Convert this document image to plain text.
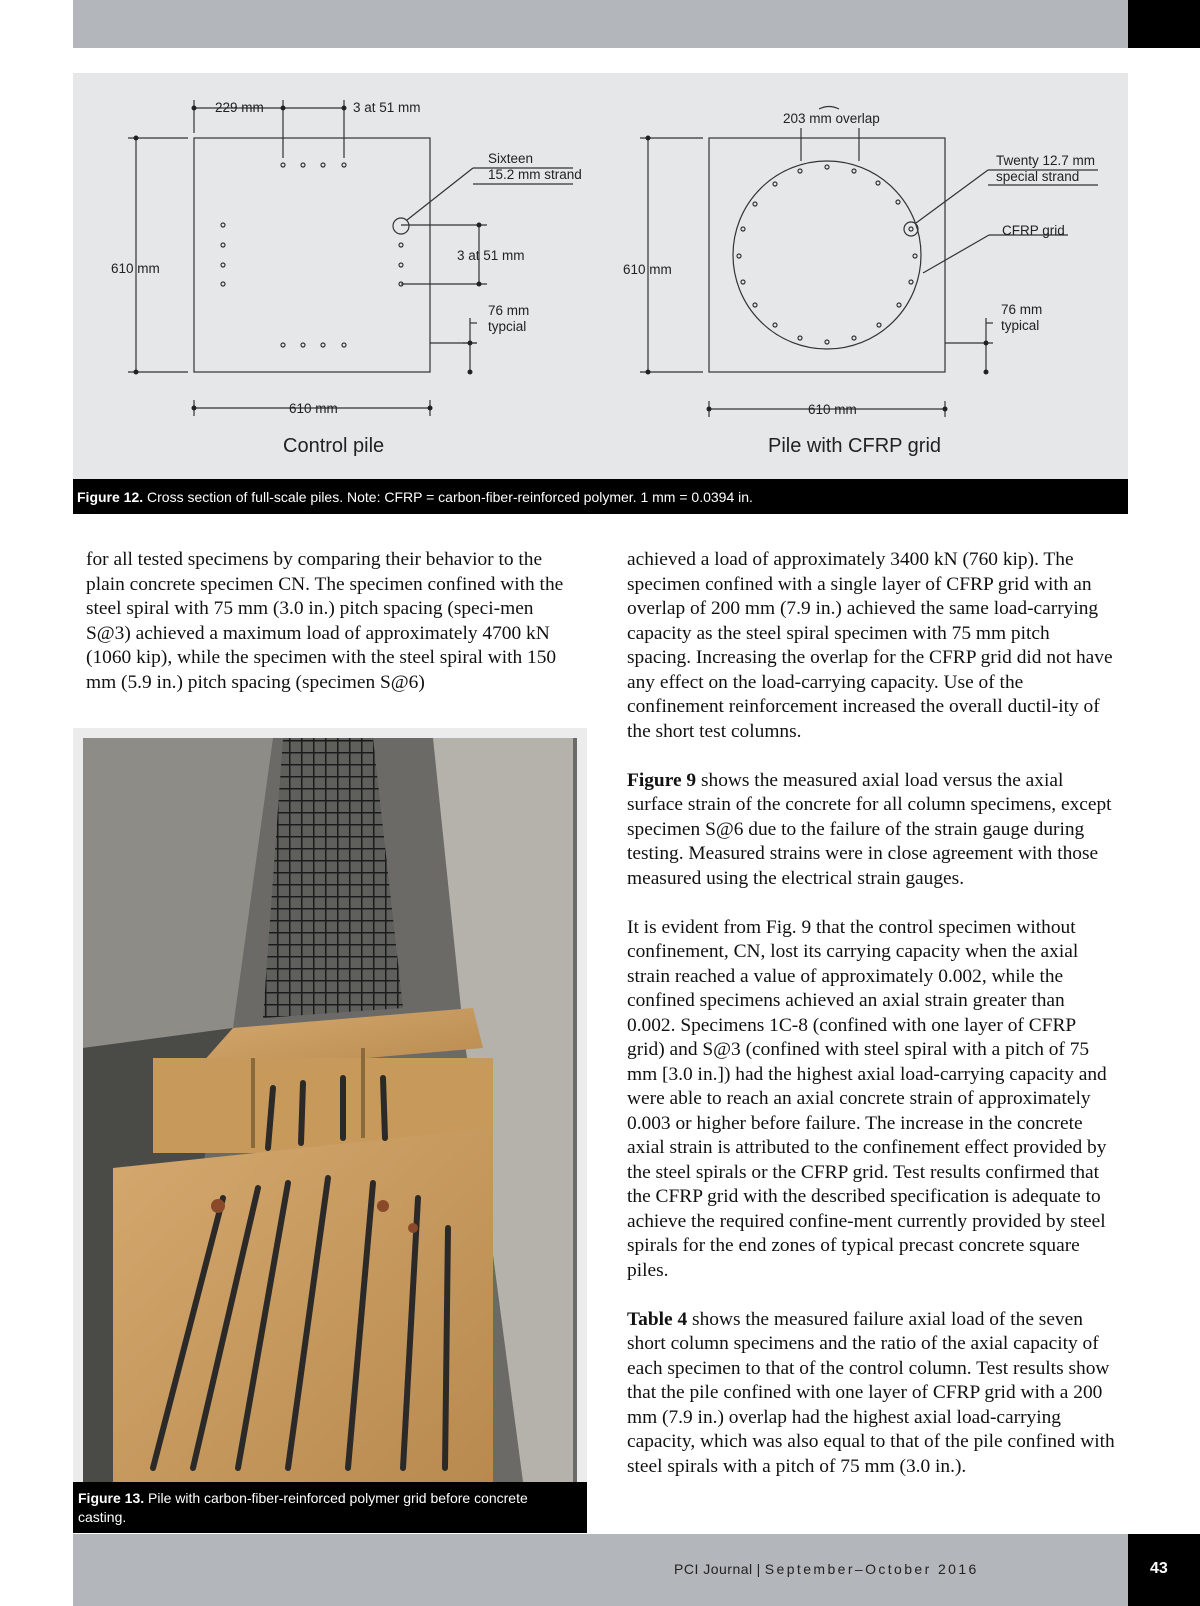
229 mm	3 at 51 mm
610 mm
610 mm
Sixteen
15.2 mm strand
3 at 51 mm
76 mm
typcial
203 mm overlap
610 mm
610 mm
Twenty 12.7 mm
special strand
CFRP grid
76 mm
typical
Control pile	Pile with CFRP grid
Figure 12. Cross section of full-scale piles. Note: CFRP = carbon-fiber-reinforced polymer. 1 mm = 0.0394 in.

for all tested specimens by comparing their behavior to the plain concrete specimen CN. The specimen confined with the steel spiral with 75 mm (3.0 in.) pitch spacing (speci-men S@3) achieved a maximum load of approximately 4700 kN (1060 kip), while the specimen with the steel spiral with 150 mm (5.9 in.) pitch spacing (specimen S@6)

Figure 13. Pile with carbon-fiber-reinforced polymer grid before concrete casting.

achieved a load of approximately 3400 kN (760 kip). The specimen confined with a single layer of CFRP grid with an overlap of 200 mm (7.9 in.) achieved the same load-carrying capacity as the steel spiral specimen with 75 mm pitch spacing. Increasing the overlap for the CFRP grid did not have any effect on the load-carrying capacity. Use of the confinement reinforcement increased the overall ductil-ity of the short test columns.

Figure 9 shows the measured axial load versus the axial surface strain of the concrete for all column specimens, except specimen S@6 due to the failure of the strain gauge during testing. Measured strains were in close agreement with those measured using the electrical strain gauges.

It is evident from Fig. 9 that the control specimen without confinement, CN, lost its carrying capacity when the axial strain reached a value of approximately 0.002, while the confined specimens achieved an axial strain greater than 0.002. Specimens 1C-8 (confined with one layer of CFRP grid) and S@3 (confined with steel spiral with a pitch of 75 mm [3.0 in.]) had the highest axial load-carrying capacity and were able to reach an axial concrete strain of approximately 0.003 or higher before failure. The increase in the concrete axial strain is attributed to the confinement effect provided by the steel spirals or the CFRP grid. Test results confirmed that the CFRP grid with the described specification is adequate to achieve the required confine-ment currently provided by steel spirals for the end zones of typical precast concrete square piles.

Table 4 shows the measured failure axial load of the seven short column specimens and the ratio of the axial capacity of each specimen to that of the control column. Test results show that the pile confined with one layer of CFRP grid with a 200 mm (7.9 in.) overlap had the highest axial load-carrying capacity, which was also equal to that of the pile confined with steel spirals with a pitch of 75 mm (3.0 in.).

PCI Journal | September–October 2016	43
